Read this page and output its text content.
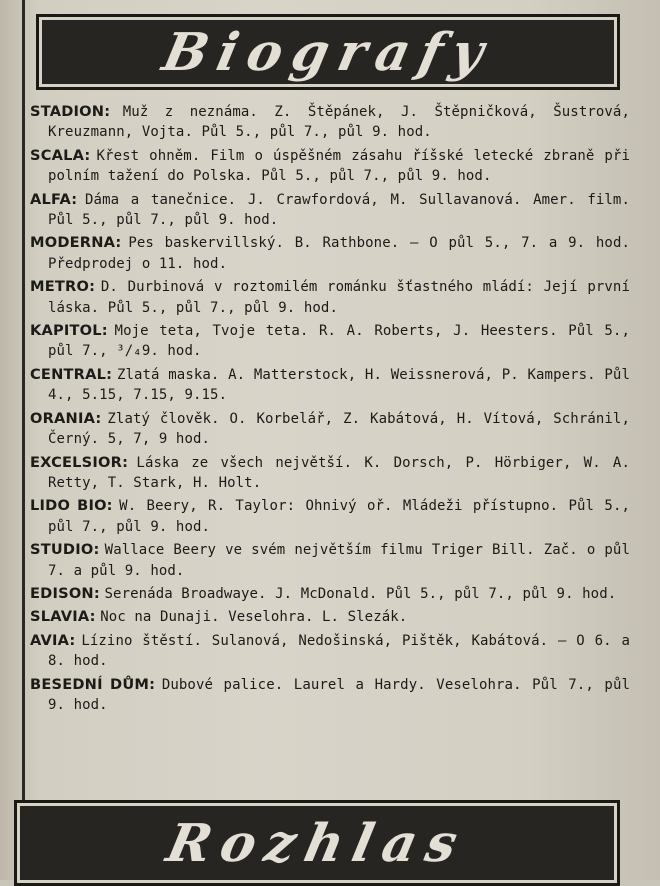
Biografy

STADION: Muž z neznáma. Z. Štěpánek, J. Štěpničková, Šustrová, Kreuzmann, Vojta. Půl 5., půl 7., půl 9. hod.

SCALA: Křest ohněm. Film o úspěšném zásahu říšské letecké zbraně při polním tažení do Polska. Půl 5., půl 7., půl 9. hod.

ALFA: Dáma a tanečnice. J. Crawfordová, M. Sullavanová. Amer. film. Půl 5., půl 7., půl 9. hod.

MODERNA: Pes baskervillský. B. Rathbone. — O půl 5., 7. a 9. hod. Předprodej o 11. hod.

METRO: D. Durbinová v roztomilém románku šťastného mládí: Její první láska. Půl 5., půl 7., půl 9. hod.

KAPITOL: Moje teta, Tvoje teta. R. A. Roberts, J. Heesters. Půl 5., půl 7., ³/₄9. hod.

CENTRAL: Zlatá maska. A. Matterstock, H. Weissnerová, P. Kampers. Půl 4., 5.15, 7.15, 9.15.

ORANIA: Zlatý člověk. O. Korbelář, Z. Kabátová, H. Vítová, Schránil, Černý. 5, 7, 9 hod.

EXCELSIOR: Láska ze všech největší. K. Dorsch, P. Hörbiger, W. A. Retty, T. Stark, H. Holt.

LIDO BIO: W. Beery, R. Taylor: Ohnivý oř. Mládeži přístupno. Půl 5., půl 7., půl 9. hod.

STUDIO: Wallace Beery ve svém největším filmu Triger Bill. Zač. o půl 7. a půl 9. hod.

EDISON: Serenáda Broadwaye. J. McDonald. Půl 5., půl 7., půl 9. hod.

SLAVIA: Noc na Dunaji. Veselohra. L. Slezák.

AVIA: Lízino štěstí. Sulanová, Nedošinská, Pištěk, Kabátová. — O 6. a 8. hod.

BESEDNÍ DŮM: Dubové palice. Laurel a Hardy. Veselohra. Půl 7., půl 9. hod.

Rozhlas
